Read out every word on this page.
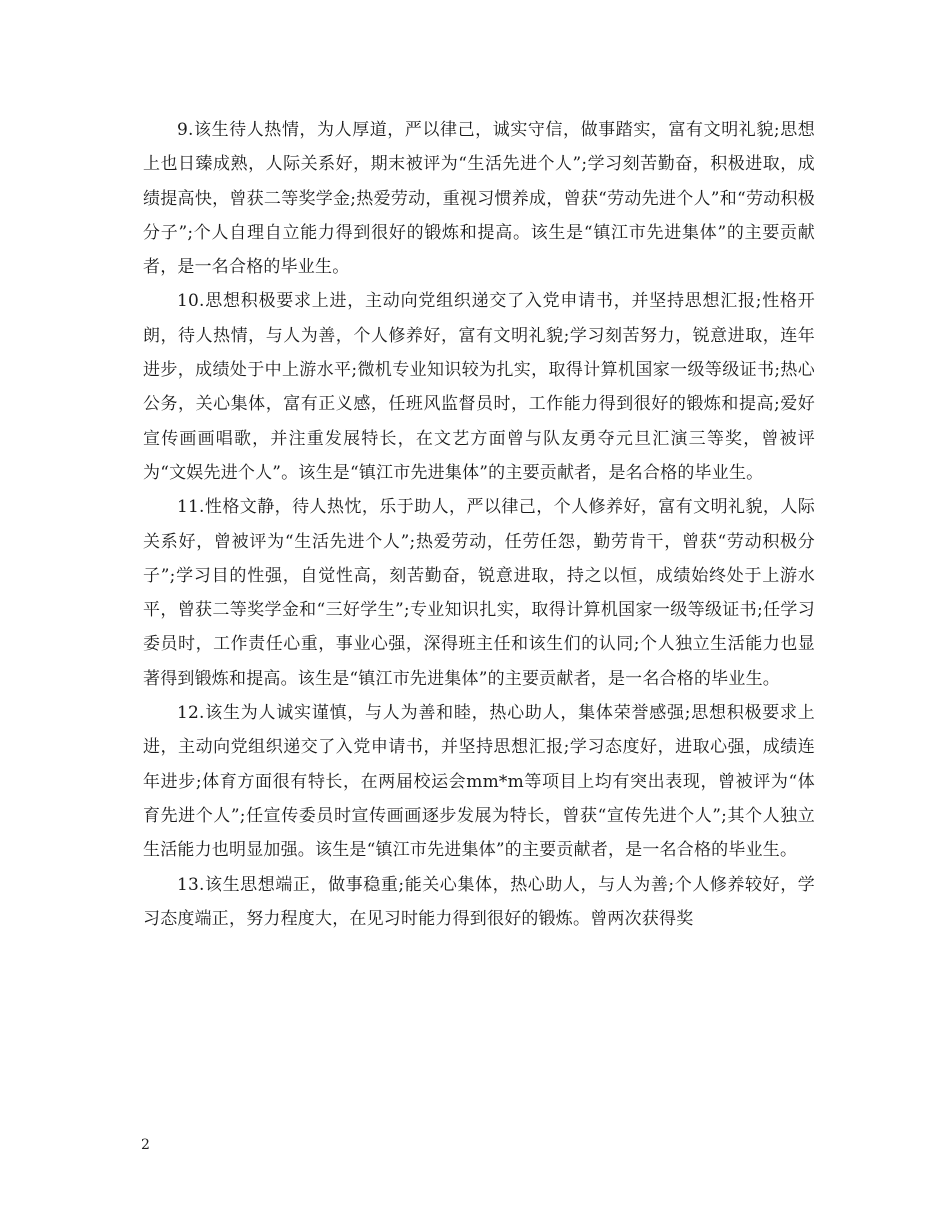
9.该生待人热情，为人厚道，严以律己，诚实守信，做事踏实，富有文明礼貌;思想上也日臻成熟，人际关系好，期末被评为“生活先进个人”;学习刻苦勤奋，积极进取，成绩提高快，曾获二等奖学金;热爱劳动，重视习惯养成，曾获“劳动先进个人”和“劳动积极分子”;个人自理自立能力得到很好的锻炼和提高。该生是“镇江市先进集体”的主要贡献者，是一名合格的毕业生。

10.思想积极要求上进，主动向党组织递交了入党申请书，并坚持思想汇报;性格开朗，待人热情，与人为善，个人修养好，富有文明礼貌;学习刻苦努力，锐意进取，连年进步，成绩处于中上游水平;微机专业知识较为扎实，取得计算机国家一级等级证书;热心公务，关心集体，富有正义感，任班风监督员时，工作能力得到很好的锻炼和提高;爱好宣传画画唱歌，并注重发展特长，在文艺方面曾与队友勇夺元旦汇演三等奖，曾被评为“文娱先进个人”。该生是“镇江市先进集体”的主要贡献者，是名合格的毕业生。

11.性格文静，待人热忱，乐于助人，严以律己，个人修养好，富有文明礼貌，人际关系好，曾被评为“生活先进个人”;热爱劳动，任劳任怨，勤劳肯干，曾获“劳动积极分子”;学习目的性强，自觉性高，刻苦勤奋，锐意进取，持之以恒，成绩始终处于上游水平，曾获二等奖学金和“三好学生”;专业知识扎实，取得计算机国家一级等级证书;任学习委员时，工作责任心重，事业心强，深得班主任和该生们的认同;个人独立生活能力也显著得到锻炼和提高。该生是“镇江市先进集体”的主要贡献者，是一名合格的毕业生。

12.该生为人诚实谨慎，与人为善和睦，热心助人，集体荣誉感强;思想积极要求上进，主动向党组织递交了入党申请书，并坚持思想汇报;学习态度好，进取心强，成绩连年进步;体育方面很有特长，在两届校运会mm*m等项目上均有突出表现，曾被评为“体育先进个人”;任宣传委员时宣传画画逐步发展为特长，曾获“宣传先进个人”;其个人独立生活能力也明显加强。该生是“镇江市先进集体”的主要贡献者，是一名合格的毕业生。

13.该生思想端正，做事稳重;能关心集体，热心助人，与人为善;个人修养较好，学习态度端正，努力程度大，在见习时能力得到很好的锻炼。曾两次获得奖

2
